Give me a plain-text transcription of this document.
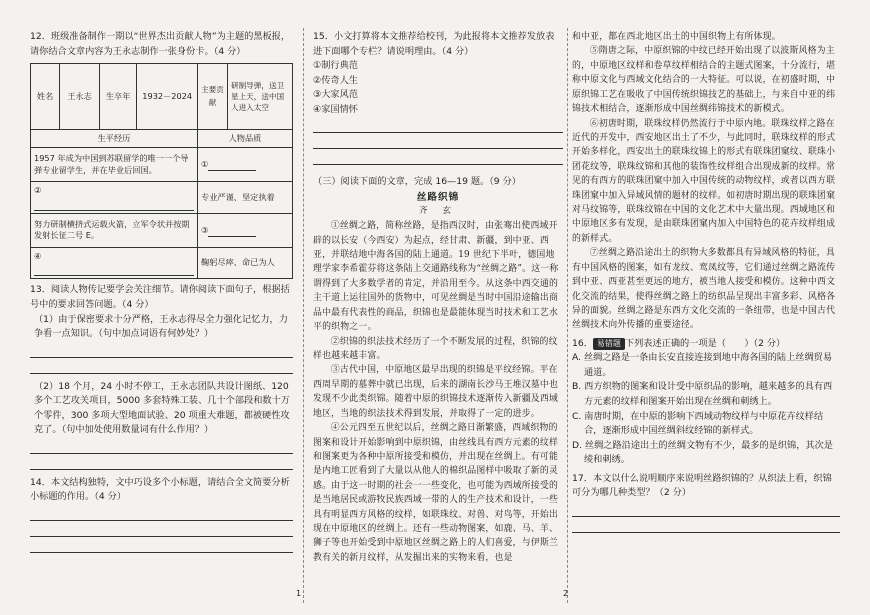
12．班级准备制作一期以“世界杰出贡献人物”为主题的黑板报，请你结合文章内容为王永志制作一张身份卡。（4 分）

姓名	王永志	生卒年	1932－2024	主要贡献	研制导弹，送卫星上天，送中国人进入太空
生平经历				人物品质	
1957 年成为中国到苏联留学的唯一一个导弹专业留学生，并在毕业后回国。				①	
②				专业严谨、坚定执着	
努力研制横挤式运载火箭，立军令状并按期发射长征二号 E。				③	
④				鞠躬尽瘁、命已为人	

13．阅读人物传记要学会关注细节。请你阅读下面句子，根据括号中的要求回答问题。（4 分）

（1）由于保密要求十分严格，王永志得尽全力强化记忆力，力争看一点知识。（句中加点词语有何妙处？）

（2）18 个月，24 小时不停工，王永志团队共设计图纸、120 多个工艺攻关项目，5000 多套特殊工装、几十个部段和数十万个零件，300 多项大型地面试验、20 项重大难题，都被硬性攻克了。（句中加处使用数量词有什么作用？）

14．本文结构独特，文中巧设多个小标题，请结合全文简要分析小标题的作用。（4 分）

15．小文打算将本文推荐给校刊，为此报将本文推荐发放表进下面哪个专栏？请说明理由。（4 分）

①制行典范

②传奇人生

③大家风范

④家国情怀

（三）阅读下面的文章，完成 16—19 题。（9 分）

丝路织锦

齐 玄

①丝绸之路，简称丝路，是指西汉时，由张骞出使西域开辟的以长安（今西安）为起点，经甘肃、新疆，到中亚、西亚，并联结地中海各国的陆上通道。19 世纪下半叶，德国地理学家李希霍芬将这条陆上交通路线称为“丝绸之路”。这一称谓得到了大多数学者的肯定，并沿用至今。从这条中西交通的主干道上运往国外的货物中，可见丝绸是当时中国沿途输出商品中最有代表性的商品，织锦也是最能体现当时技术和工艺水平的织物之一。

②织锦的织法技术经历了一个不断发展的过程，织锦的纹样也越来越丰富。

③古代中国，中原地区最早出现的织锦是平纹经锦。平在西周早期的墓葬中就已出现，后来的湖南长沙马王堆汉墓中也发现不少此类织锦。随着中原的织锦技术逐渐传入新疆及西域地区，当地的织法技术得到发展，并取得了一定的进步。

④公元四至五世纪以后，丝绸之路日渐繁盛，西域织物的图案和设计开始影响到中原织锦，由丝线具有西方元素的纹样和图案更为各种中原所接受和模仿，并出现在丝绸上。有可能是内地工匠看到了大量以从他人的棉织品图样中吸取了新的灵感。由于这一时期的社会一一些变化，也可能为西域所接受的是当地居民或游牧民族西域一带的人的生产技术和设计，一些具有明显西方风格的纹样，如联珠纹、对兽、对鸟等，开始出现在中原地区的丝绸上。还有一些动物图案，如鹿、马、羊、狮子等也开始受到中原地区丝绸之路上的人们喜爱，与伊斯兰教有关的新月纹样，从发掘出来的实物来看，也是

和中亚，都在西北地区出土的中国织物上有所体现。

⑤隋唐之际，中原织锦的中纹已经开始出现了以波斯风格为主的，中原地区纹样和卷草纹样相结合的主题式图案，十分流行，堪称中原文化与西域文化结合的一大特征。可以说，在初盛时期，中原织锦工艺在吸收了中国传统织锦技艺的基础上，与来自中亚的纬锦技术相结合，逐渐形成中国丝绸纬锦技术的新模式。

⑥初唐时期，联珠纹样仍然流行于中原内地。联珠纹样之路在近代的开发中，西安地区出土了不少，与此同时，联珠纹样的形式开始多样化，西安出土的联珠纹锦上的形式有联珠团窠纹、联珠小团花纹等，联珠纹锦和其他的装饰性纹样组合出现成新的纹样。常见的有西方的联珠团窠中加入中国传统的动物纹样，或者以西方联珠团窠中加入异域风情的题材的纹样。如初唐时期出现的联珠团窠对马纹锦等，联珠纹锦在中国的文化艺术中大量出现。西域地区和中原地区多有发现，是由联珠团窠内加入中国特色的花卉纹样组成的新样式。

⑦丝绸之路沿途出土的织物大多数都具有异域风格的特征，具有中国风格的图案，如有龙纹、鸾凤纹等，它们通过丝绸之路流传到中亚、西亚甚至更远的地方，被当地人接受和模仿。这种中西文化交流的结果，使得丝绸之路上的纺织品呈现出丰富多彩、风格各异的面貌。丝绸之路是东西方文化交流的一条纽带，也是中国古代丝绸技术向外传播的重要途径。

16． 易错题 下列表述正确的一项是（　　）（2 分）

A. 丝绸之路是一条由长安直接连接到地中海各国的陆上丝绸贸易通道。

B. 西方织物的图案和设计受中原织品的影响，越来越多的具有西方元素的纹样和图案开始出现在丝绸和刺绣上。

C. 南唐时期，在中原的影响下西域动物纹样与中原花卉纹样结合，逐渐形成中国丝绸斜纹经锦的新样式。

D. 丝绸之路沿途出土的丝绸文物有不少，最多的是织锦，其次是绫和刺绣。

17．本文以什么说明顺序来说明丝路织锦的？从织法上看，织锦可分为哪几种类型？（2 分）

1	2
